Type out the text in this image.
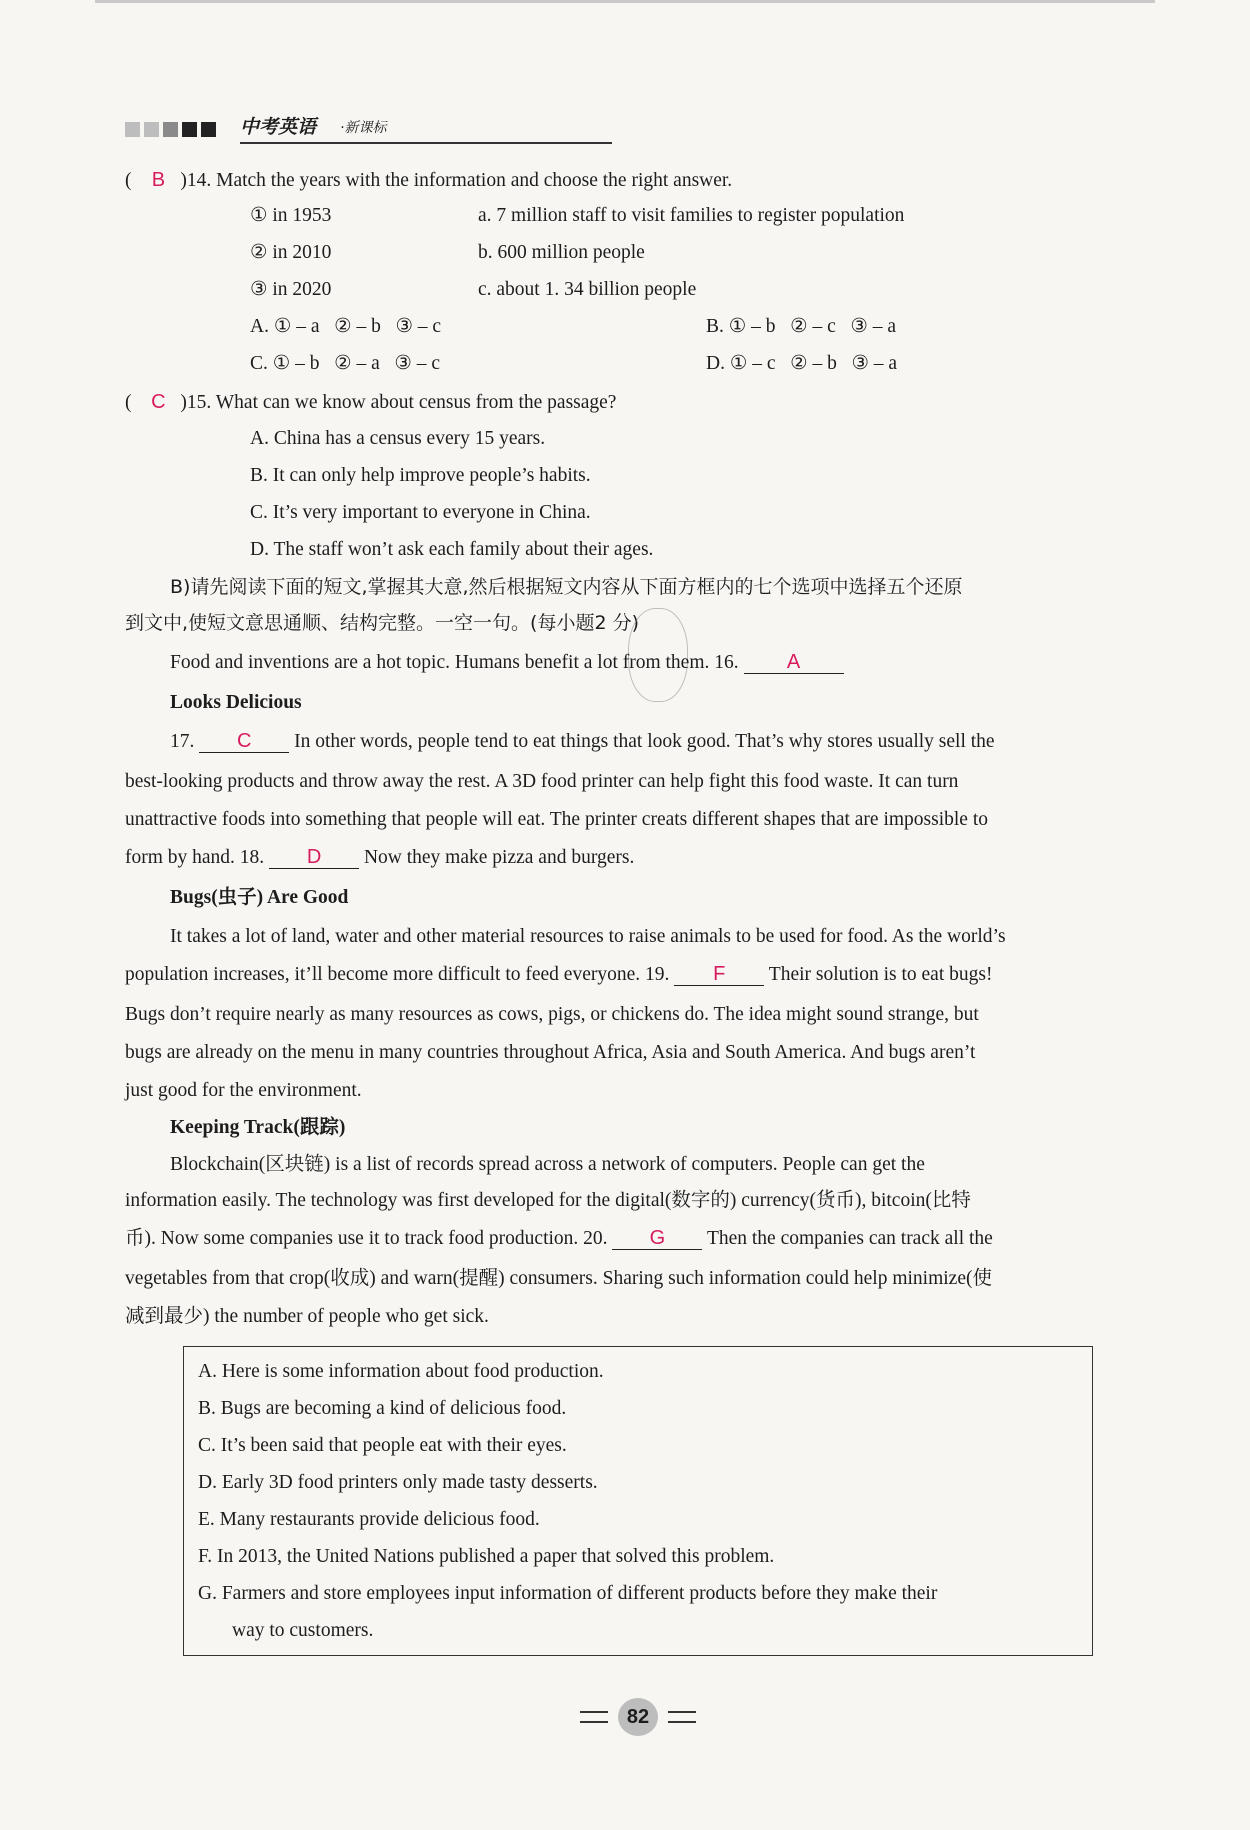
中考英语 ·新课标
( B )14. Match the years with the information and choose the right answer.
① in 1953	a. 7 million staff to visit families to register population
② in 2010	b. 600 million people
③ in 2020	c. about 1. 34 billion people
A. ① – a   ② – b   ③ – c	B. ① – b   ② – c   ③ – a
C. ① – b   ② – a   ③ – c	D. ① – c   ② – b   ③ – a
( C )15. What can we know about census from the passage?
A. China has a census every 15 years.
B. It can only help improve people’s habits.
C. It’s very important to everyone in China.
D. The staff won’t ask each family about their ages.
B)请先阅读下面的短文,掌握其大意,然后根据短文内容从下面方框内的七个选项中选择五个还原
到文中,使短文意思通顺、结构完整。一空一句。(每小题2 分)
Food and inventions are a hot topic. Humans benefit a lot from them. 16. A
Looks Delicious
17. C In other words, people tend to eat things that look good. That’s why stores usually sell the
best-looking products and throw away the rest. A 3D food printer can help fight this food waste. It can turn
unattractive foods into something that people will eat. The printer creats different shapes that are impossible to
form by hand. 18. D Now they make pizza and burgers.
Bugs(虫子) Are Good
It takes a lot of land, water and other material resources to raise animals to be used for food. As the world’s
population increases, it’ll become more difficult to feed everyone. 19. F Their solution is to eat bugs!
Bugs don’t require nearly as many resources as cows, pigs, or chickens do. The idea might sound strange, but
bugs are already on the menu in many countries throughout Africa, Asia and South America. And bugs aren’t
just good for the environment.
Keeping Track(跟踪)
Blockchain(区块链) is a list of records spread across a network of computers. People can get the
information easily. The technology was first developed for the digital(数字的) currency(货币), bitcoin(比特
币). Now some companies use it to track food production. 20. G Then the companies can track all the
vegetables from that crop(收成) and warn(提醒) consumers. Sharing such information could help minimize(使
减到最少) the number of people who get sick.
A. Here is some information about food production.
B. Bugs are becoming a kind of delicious food.
C. It’s been said that people eat with their eyes.
D. Early 3D food printers only made tasty desserts.
E. Many restaurants provide delicious food.
F. In 2013, the United Nations published a paper that solved this problem.
G. Farmers and store employees input information of different products before they make their
way to customers.
82
